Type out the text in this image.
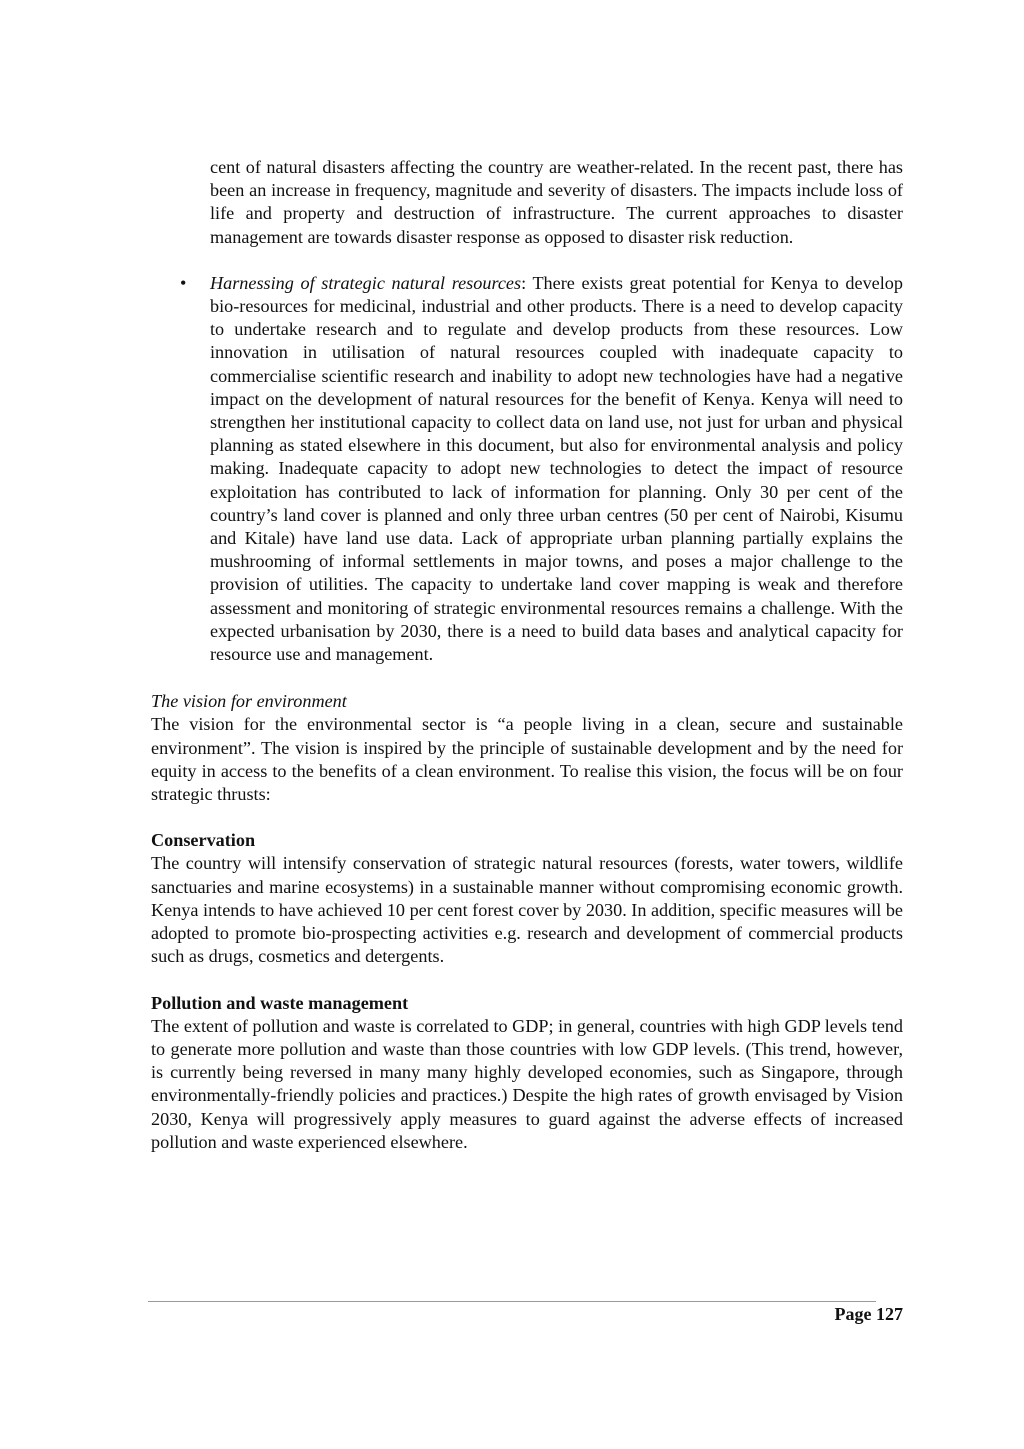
cent of natural disasters affecting the country are weather-related. In the recent past, there has been an increase in frequency, magnitude and severity of disasters. The impacts include loss of life and property and destruction of infrastructure. The current approaches to disaster management are towards disaster response as opposed to disaster risk reduction.

•	Harnessing of strategic natural resources: There exists great potential for Kenya to develop bio-resources for medicinal, industrial and other products. There is a need to develop capacity to undertake research and to regulate and develop products from these resources. Low innovation in utilisation of natural resources coupled with inadequate capacity to commercialise scientific research and inability to adopt new technologies have had a negative impact on the development of natural resources for the benefit of Kenya. Kenya will need to strengthen her institutional capacity to collect data on land use, not just for urban and physical planning as stated elsewhere in this document, but also for environmental analysis and policy making. Inadequate capacity to adopt new technologies to detect the impact of resource exploitation has contributed to lack of information for planning. Only 30 per cent of the country’s land cover is planned and only three urban centres (50 per cent of Nairobi, Kisumu and Kitale) have land use data. Lack of appropriate urban planning partially explains the mushrooming of informal settlements in major towns, and poses a major challenge to the provision of utilities. The capacity to undertake land cover mapping is weak and therefore assessment and monitoring of strategic environmental resources remains a challenge. With the expected urbanisation by 2030, there is a need to build data bases and analytical capacity for resource use and management.

The vision for environment

The vision for the environmental sector is “a people living in a clean, secure and sustainable environment”. The vision is inspired by the principle of sustainable development and by the need for equity in access to the benefits of a clean environment. To realise this vision, the focus will be on four strategic thrusts:

Conservation

The country will intensify conservation of strategic natural resources (forests, water towers, wildlife sanctuaries and marine ecosystems) in a sustainable manner without compromising economic growth. Kenya intends to have achieved 10 per cent forest cover by 2030. In addition, specific measures will be adopted to promote bio-prospecting activities e.g. research and development of commercial products such as drugs, cosmetics and detergents.

Pollution and waste management

The extent of pollution and waste is correlated to GDP; in general, countries with high GDP levels tend to generate more pollution and waste than those countries with low GDP levels. (This trend, however, is currently being reversed in many many highly developed economies, such as Singapore, through environmentally-friendly policies and practices.) Despite the high rates of growth envisaged by Vision 2030, Kenya will progressively apply measures to guard against the adverse effects of increased pollution and waste experienced elsewhere.

Page 127
